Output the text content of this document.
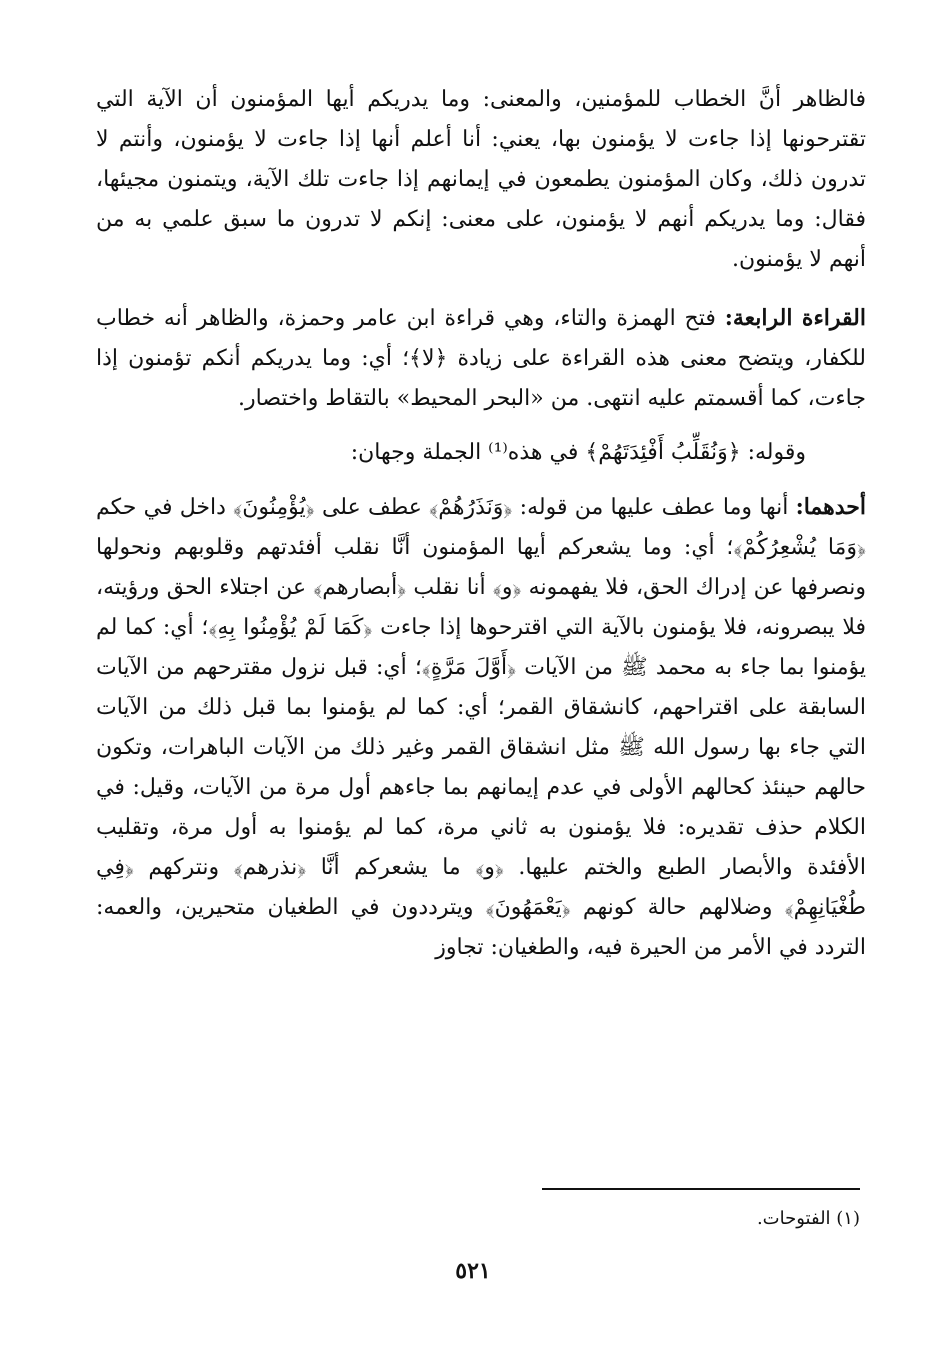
فالظاهر أنَّ الخطاب للمؤمنين، والمعنى: وما يدريكم أيها المؤمنون أن الآية التي تقترحونها إذا جاءت لا يؤمنون بها، يعني: أنا أعلم أنها إذا جاءت لا يؤمنون، وأنتم لا تدرون ذلك، وكان المؤمنون يطمعون في إيمانهم إذا جاءت تلك الآية، ويتمنون مجيئها، فقال: وما يدريكم أنهم لا يؤمنون، على معنى: إنكم لا تدرون ما سبق علمي به من أنهم لا يؤمنون.

القراءة الرابعة: فتح الهمزة والتاء، وهي قراءة ابن عامر وحمزة، والظاهر أنه خطاب للكفار، ويتضح معنى هذه القراءة على زيادة ﴿لا﴾؛ أي: وما يدريكم أنكم تؤمنون إذا جاءت، كما أقسمتم عليه انتهى. من «البحر المحيط» بالتقاط واختصار.

وقوله: ﴿وَنُقَلِّبُ أَفْئِدَتَهُمْ﴾ في هذه⁽¹⁾ الجملة وجهان:

أحدهما: أنها وما عطف عليها من قوله: ﴿وَنَذَرُهُمْ﴾ عطف على ﴿يُؤْمِنُونَ﴾ داخل في حكم ﴿وَمَا يُشْعِرُكُمْ﴾؛ أي: وما يشعركم أيها المؤمنون أنَّا نقلب أفئدتهم وقلوبهم ونحولها ونصرفها عن إدراك الحق، فلا يفهمونه ﴿و﴾ أنا نقلب ﴿أبصارهم﴾ عن اجتلاء الحق ورؤيته، فلا يبصرونه، فلا يؤمنون بالآية التي اقترحوها إذا جاءت ﴿كَمَا لَمْ يُؤْمِنُوا بِهِ﴾؛ أي: كما لم يؤمنوا بما جاء به محمد ﷺ من الآيات ﴿أَوَّلَ مَرَّةٍ﴾؛ أي: قبل نزول مقترحهم من الآيات السابقة على اقتراحهم، كانشقاق القمر؛ أي: كما لم يؤمنوا بما قبل ذلك من الآيات التي جاء بها رسول الله ﷺ مثل انشقاق القمر وغير ذلك من الآيات الباهرات، وتكون حالهم حينئذ كحالهم الأولى في عدم إيمانهم بما جاءهم أول مرة من الآيات، وقيل: في الكلام حذف تقديره: فلا يؤمنون به ثاني مرة، كما لم يؤمنوا به أول مرة، وتقليب الأفئدة والأبصار الطبع والختم عليها. ﴿و﴾ ما يشعركم أنَّا ﴿نذرهم﴾ ونتركهم ﴿فِي طُغْيَانِهِمْ﴾ وضلالهم حالة كونهم ﴿يَعْمَهُونَ﴾ ويترددون في الطغيان متحيرين، والعمه: التردد في الأمر من الحيرة فيه، والطغيان: تجاوز

(١) الفتوحات.
٥٢١
